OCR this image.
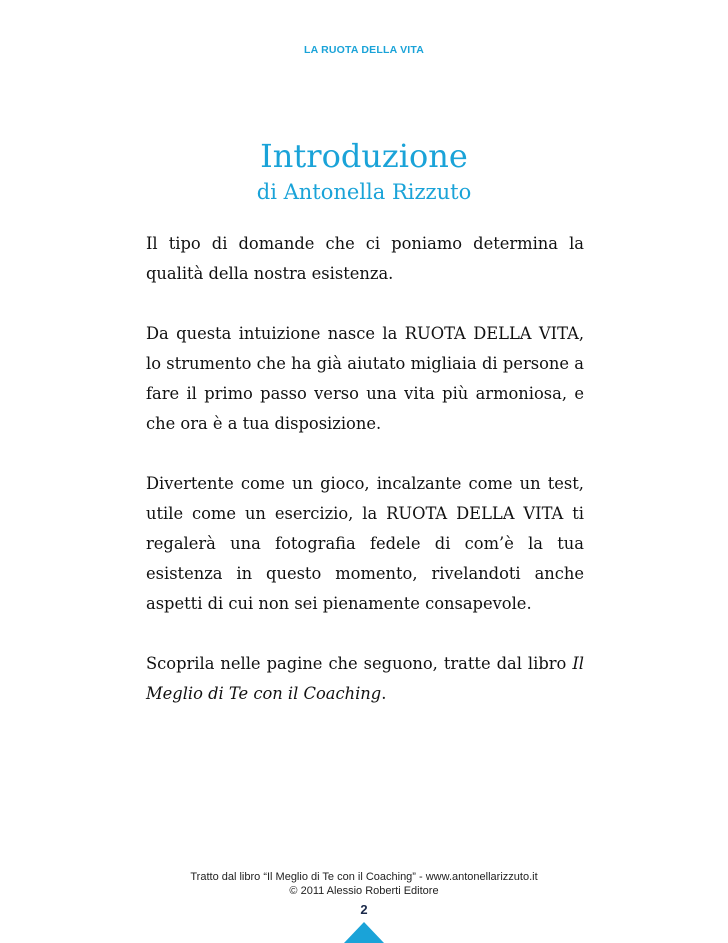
LA RUOTA DELLA VITA
Introduzione
di Antonella Rizzuto

Il tipo di domande che ci poniamo determina la qualità della nostra esistenza.

Da questa intuizione nasce la RUOTA DELLA VITA, lo strumento che ha già aiutato migliaia di persone a fare il primo passo verso una vita più armoniosa, e che ora è a tua disposizione.

Divertente come un gioco, incalzante come un test, utile come un esercizio, la RUOTA DELLA VITA ti regalerà una fotografia fedele di com’è la tua esistenza in questo momento, rivelandoti anche aspetti di cui non sei pienamente consapevole.

Scoprila nelle pagine che seguono, tratte dal libro Il Meglio di Te con il Coaching.

Tratto dal libro “Il Meglio di Te con il Coaching” - www.antonellarizzuto.it
© 2011 Alessio Roberti Editore
2
